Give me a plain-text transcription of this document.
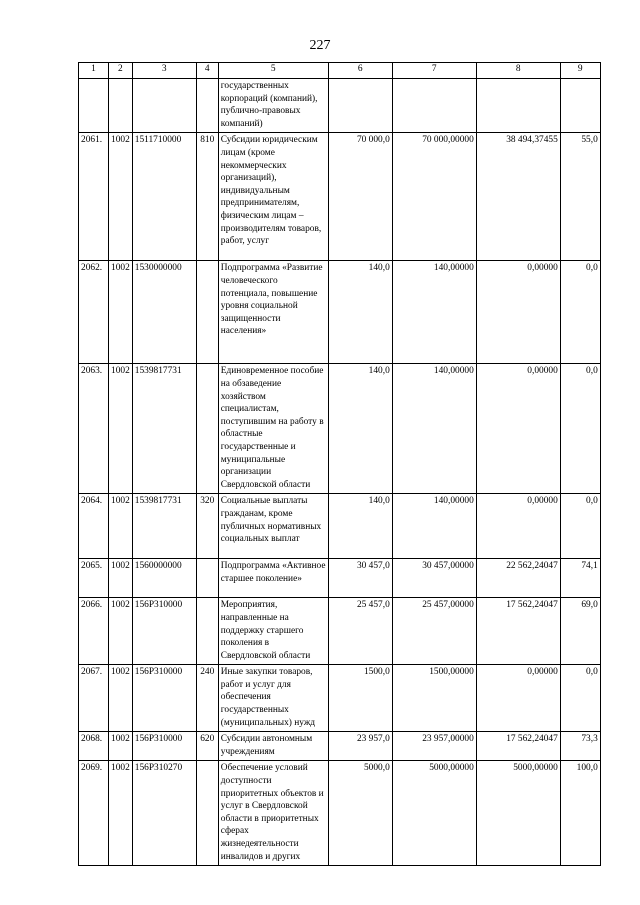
227
1	2	3	4	5	6	7	8	9
				государственных корпораций (компаний), публично-правовых компаний)				
2061.	1002	1511710000	810	Субсидии юридическим лицам (кроме некоммерческих организаций), индивидуальным предпринимателям, физическим лицам – производителям товаров, работ, услуг	70 000,0	70 000,00000	38 494,37455	55,0
2062.	1002	1530000000		Подпрограмма «Развитие человеческого потенциала, повышение уровня социальной защищенности населения»	140,0	140,00000	0,00000	0,0
2063.	1002	1539817731		Единовременное пособие на обзаведение хозяйством специалистам, поступившим на работу в областные государственные и муниципальные организации Свердловской области	140,0	140,00000	0,00000	0,0
2064.	1002	1539817731	320	Социальные выплаты гражданам, кроме публичных нормативных социальных выплат	140,0	140,00000	0,00000	0,0
2065.	1002	1560000000		Подпрограмма «Активное старшее поколение»	30 457,0	30 457,00000	22 562,24047	74,1
2066.	1002	156P310000		Мероприятия, направленные на поддержку старшего поколения в Свердловской области	25 457,0	25 457,00000	17 562,24047	69,0
2067.	1002	156P310000	240	Иные закупки товаров, работ и услуг для обеспечения государственных (муниципальных) нужд	1500,0	1500,00000	0,00000	0,0
2068.	1002	156P310000	620	Субсидии автономным учреждениям	23 957,0	23 957,00000	17 562,24047	73,3
2069.	1002	156P310270		Обеспечение условий доступности приоритетных объектов и услуг в Свердловской области в приоритетных сферах жизнедеятельности инвалидов и других	5000,0	5000,00000	5000,00000	100,0
